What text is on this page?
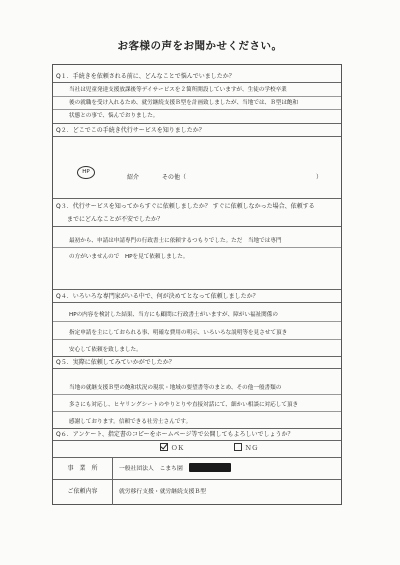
お客様の声をお聞かせください。
Q１．手続きを依頼される前に、どんなことで悩んでいましたか？
当社は児童発達支援放課後等デイサービスを２箇所開設していますが、生徒の学校卒業
後の就職を受け入れるため、就労継続支援Ｂ型を計画致しましたが、当地では、Ｂ型は飽和
状態との事で、悩んでおりました。
Q２．どこでこの手続き代行サービスを知りましたか？
HP
紹介	その他（	）
Q３．代行サービスを知ってからすぐに依頼しましたか？ すぐに依頼しなかった場合、依頼する
までにどんなことが不安でしたか？
最初から、申請は申請専門の行政書士に依頼するつもりでした。ただ　当地では専門
の方がいませんので　HPを見て依頼しました。
Q４．いろいろな専門家がいる中で、何が決めてとなって依頼しましたか？
HPの内容を検討した結果、当方にも顧問に行政書士がいますが、障がい福祉関係の
指定申請を主にしておられる事、明確な費用の明示、いろいろな説明等を見させて頂き
安心して依頼を致しました。
Q５．実際に依頼してみていかがでしたか？
当地の就継支援Ｂ型の飽和状況の現状・地域の要望書等のまとめ、その他一般書類の
多さにも対応し、ヒヤリングシートのやりとりや直接対話にて、細かい相談に対応して頂き
感謝しております。信頼できる社労士さんです。
Q６．アンケート、指定書のコピーをホームページ等で公開してもよろしいでしょうか？
ＯＫ	ＮＧ
事　業　所	一般社団法人　こまち園
ご依頼内容	就労移行支援・就労継続支援Ｂ型
